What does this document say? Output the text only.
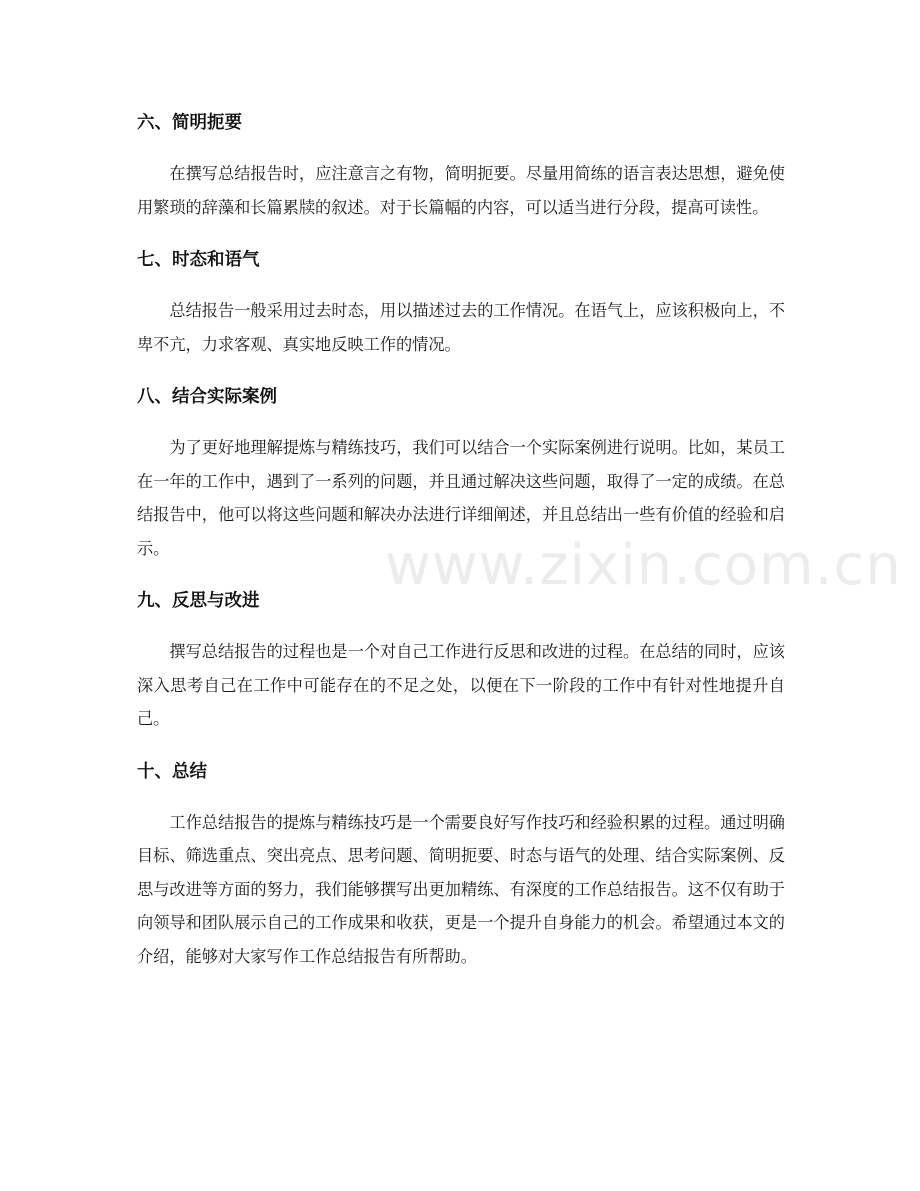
六、简明扼要

在撰写总结报告时，应注意言之有物，简明扼要。尽量用简练的语言表达思想，避免使用繁琐的辞藻和长篇累牍的叙述。对于长篇幅的内容，可以适当进行分段，提高可读性。

七、时态和语气

总结报告一般采用过去时态，用以描述过去的工作情况。在语气上，应该积极向上，不卑不亢，力求客观、真实地反映工作的情况。

八、结合实际案例

为了更好地理解提炼与精练技巧，我们可以结合一个实际案例进行说明。比如，某员工在一年的工作中，遇到了一系列的问题，并且通过解决这些问题，取得了一定的成绩。在总结报告中，他可以将这些问题和解决办法进行详细阐述，并且总结出一些有价值的经验和启示。

九、反思与改进

撰写总结报告的过程也是一个对自己工作进行反思和改进的过程。在总结的同时，应该深入思考自己在工作中可能存在的不足之处，以便在下一阶段的工作中有针对性地提升自己。

十、总结

工作总结报告的提炼与精练技巧是一个需要良好写作技巧和经验积累的过程。通过明确目标、筛选重点、突出亮点、思考问题、简明扼要、时态与语气的处理、结合实际案例、反思与改进等方面的努力，我们能够撰写出更加精练、有深度的工作总结报告。这不仅有助于向领导和团队展示自己的工作成果和收获，更是一个提升自身能力的机会。希望通过本文的介绍，能够对大家写作工作总结报告有所帮助。

www.zixin.com.cn
